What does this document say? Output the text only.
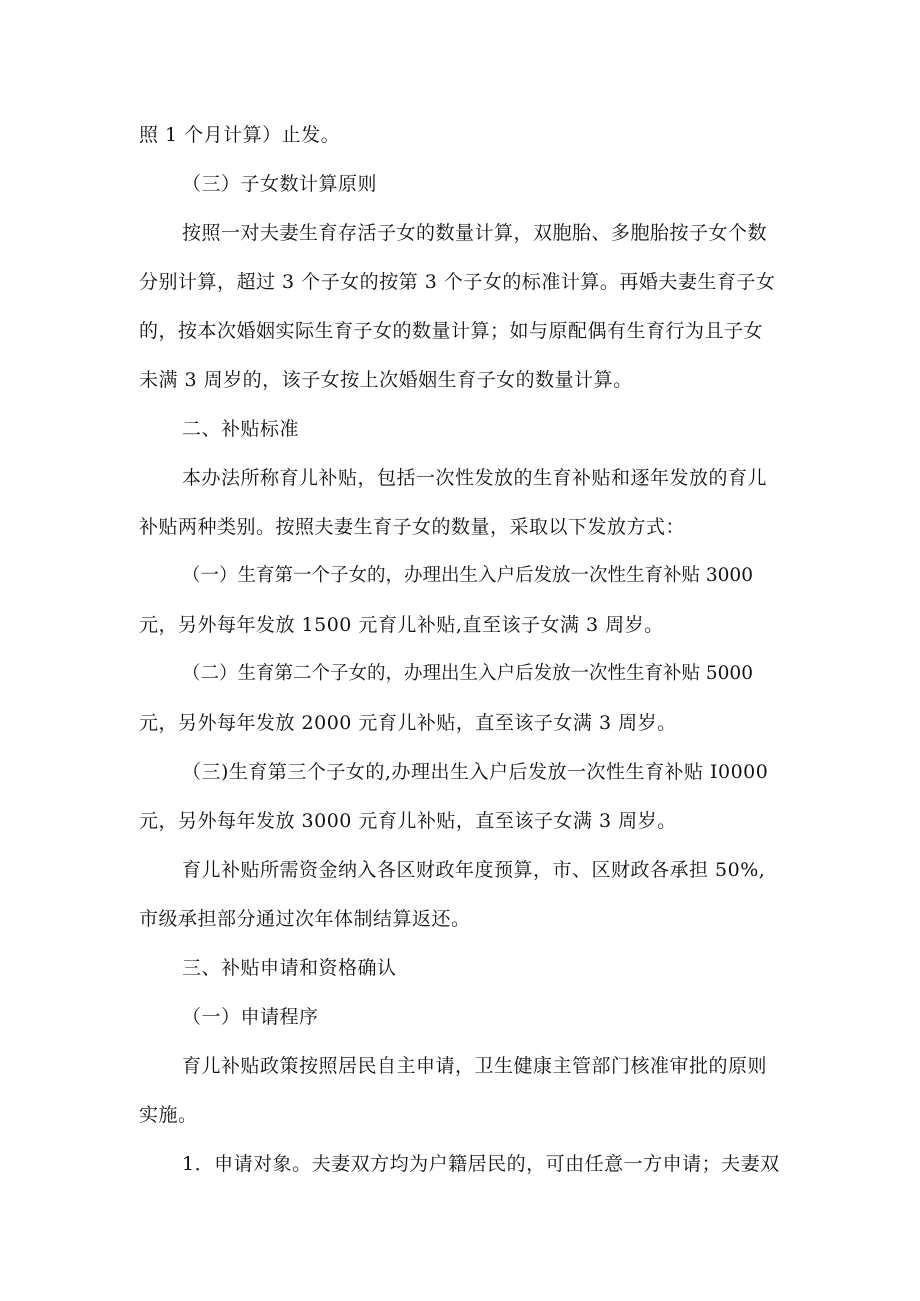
照 1 个月计算）止发。
（三）子女数计算原则
按照一对夫妻生育存活子女的数量计算，双胞胎、多胞胎按子女个数
分别计算，超过 3 个子女的按第 3 个子女的标准计算。再婚夫妻生育子女
的，按本次婚姻实际生育子女的数量计算；如与原配偶有生育行为且子女
未满 3 周岁的，该子女按上次婚姻生育子女的数量计算。
二、补贴标准
本办法所称育儿补贴，包括一次性发放的生育补贴和逐年发放的育儿
补贴两种类别。按照夫妻生育子女的数量，采取以下发放方式：
（一）生育第一个子女的，办理出生入户后发放一次性生育补贴 3000
元，另外每年发放 1500 元育儿补贴,直至该子女满 3 周岁。
（二）生育第二个子女的，办理出生入户后发放一次性生育补贴 5000
元，另外每年发放 2000 元育儿补贴，直至该子女满 3 周岁。
（三)生育第三个子女的,办理出生入户后发放一次性生育补贴 I0000
元，另外每年发放 3000 元育儿补贴，直至该子女满 3 周岁。
育儿补贴所需资金纳入各区财政年度预算，市、区财政各承担 50%,
市级承担部分通过次年体制结算返还。
三、补贴申请和资格确认
（一）申请程序
育儿补贴政策按照居民自主申请，卫生健康主管部门核准审批的原则
实施。
1．申请对象。夫妻双方均为户籍居民的，可由任意一方申请；夫妻双
